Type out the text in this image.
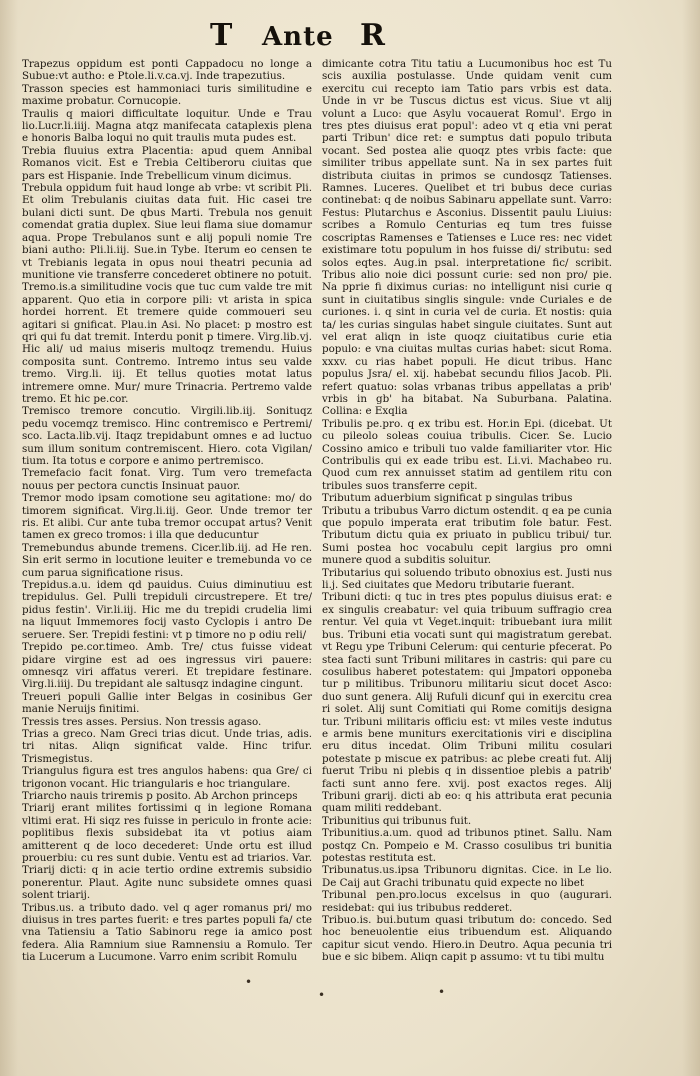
T Ante R

Trapezus oppidum est ponti Cappadocu no longe a Subue:vt autho: e Ptole.li.v.ca.vj. Inde trapezutius.

Trasson species est hammoniaci turis similitudine e maxime probatur. Cornucopie.

Traulis q maiori difficultate loquitur. Unde e Trau lio.Lucr.li.iiij. Magna atqz manifecata cataplexis plena e honoris Balba loqui no quit traulis muta pudes est.

Trebia fluuius extra Placentia: apud quem Annibal Romanos vicit. Est e Trebia Celtiberoru ciuitas que pars est Hispanie. Inde Trebellicum vinum dicimus.

Trebula oppidum fuit haud longe ab vrbe: vt scribit Pli. Et olim Trebulanis ciuitas data fuit. Hic casei tre bulani dicti sunt. De qbus Marti. Trebula nos genuit comendat gratia duplex. Siue leui flama siue domamur aqua. Prope Trebulanos sunt e alij populi nomie Tre biani autho: Pli.li.iij. Sue.in Tybe. Iterum eo censen te vt Trebianis legata in opus noui theatri pecunia ad munitione vie transferre concederet obtinere no potuit.

Tremo.is.a similitudine vocis que tuc cum valde tre mit apparent. Quo etia in corpore pili: vt arista in spica hordei horrent. Et tremere quide commoueri seu agitari si gnificat. Plau.in Asi. No placet: p mostro est qri qui fu dat tremit. Interdu ponit p timere. Virg.lib.vj. Hic ali/ ud maius miseris multoqz tremendu. Huius composita sunt. Contremo. Intremo intus seu valde tremo. Virg.li. iij. Et tellus quoties motat latus intremere omne. Mur/ mure Trinacria. Pertremo valde tremo. Et hic pe.cor.

Tremisco tremore concutio. Virgili.lib.iij. Sonituqz pedu vocemqz tremisco. Hinc contremisco e Pertremi/ sco. Lacta.lib.vij. Itaqz trepidabunt omnes e ad luctuo sum illum sonitum contremiscent. Hiero. cota Vigilan/ tium. Ita totus e corpore e animo pertremisco.

Tremefacio facit fonat. Virg. Tum vero tremefacta nouus per pectora cunctis Insinuat pauor.

Tremor modo ipsam comotione seu agitatione: mo/ do timorem significat. Virg.li.iij. Geor. Unde tremor ter ris. Et alibi. Cur ante tuba tremor occupat artus? Venit tamen ex greco tromos: i illa que deducuntur

Tremebundus abunde tremens. Cicer.lib.iij. ad He ren. Sin erit sermo in locutione leuiter e tremebunda vo ce cum parua significatione risus.

Trepidus.a.u. idem qd pauidus. Cuius diminutiuu est trepidulus. Gel. Pulli trepiduli circustrepere. Et tre/ pidus festin'. Vir.li.iij. Hic me du trepidi crudelia limi na liquut Immemores focij vasto Cyclopis i antro De seruere. Ser. Trepidi festini: vt p timore no p odiu reli/

Trepido pe.cor.timeo. Amb. Tre/ ctus fuisse videat pidare virgine est ad oes ingressus viri pauere: omnesqz viri affatus vereri. Et trepidare festinare. Virg.li.iiij. Du trepidant ale saltusqz indagine cingunt.

Treueri populi Gallie inter Belgas in cosinibus Ger manie Neruijs finitimi.

Tressis tres asses. Persius. Non tressis agaso.

Trias a greco. Nam Greci trias dicut. Unde trias, adis. tri nitas. Aliqn significat valde. Hinc trifur. Trismegistus.

Triangulus figura est tres angulos habens: qua Gre/ ci trigonon vocant. Hic triangularis e hoc triangulare.

Triarcho nauis triremis p posito. Ab Archon princeps

Triarij erant milites fortissimi q in legione Romana vltimi erat. Hi siqz res fuisse in periculo in fronte acie: poplitibus flexis subsidebat ita vt potius aiam amitterent q de loco decederet: Unde ortu est illud prouerbiu: cu res sunt dubie. Ventu est ad triarios. Var. Triarij dicti: q in acie tertio ordine extremis subsidio ponerentur. Plaut. Agite nunc subsidete omnes quasi solent triarij.

Tribus.us. a tributo dado. vel q ager romanus pri/ mo diuisus in tres partes fuerit: e tres partes populi fa/ cte vna Tatiensiu a Tatio Sabinoru rege ia amico post federa. Alia Ramnium siue Ramnensiu a Romulo. Ter tia Lucerum a Lucumone. Varro enim scribit Romulu

dimicante cotra Titu tatiu a Lucumonibus hoc est Tu scis auxilia postulasse. Unde quidam venit cum exercitu cui recepto iam Tatio pars vrbis est data. Unde in vr be Tuscus dictus est vicus. Siue vt alij volunt a Luco: que Asylu vocauerat Romul'. Ergo in tres ptes diuisus erat popul': adeo vt q etia vni perat parti Tribun' dice ret: e sumptus dati populo tributa vocant. Sed postea alie quoqz ptes vrbis facte: que similiter tribus appellate sunt. Na in sex partes fuit distributa ciuitas in primos se cundosqz Tatienses. Ramnes. Luceres. Quelibet et tri bubus dece curias continebat: q de noibus Sabinaru appellate sunt. Varro: Festus: Plutarchus e Asconius. Dissentit paulu Liuius: scribes a Romulo Centurias eq tum tres fuisse coscriptas Ramenses e Tatienses e Luce res: nec videt existimare totu populum in hos fuisse di/ stributu: sed solos eqtes. Aug.in psal. interpretatione fic/ scribit. Tribus alio noie dici possunt curie: sed non pro/ pie. Na pprie fi diximus curias: no intelligunt nisi curie q sunt in ciuitatibus singlis singule: vnde Curiales e de curiones. i. q sint in curia vel de curia. Et nostis: quia ta/ les curias singulas habet singule ciuitates. Sunt aut vel erat aliqn in iste quoqz ciuitatibus curie etia populo: e vna ciuitas multas curias habet: sicut Roma. xxxv. cu rias habet populi. He dicut tribus. Hanc populus Jsra/ el. xij. habebat secundu filios Jacob. Pli. refert quatuo: solas vrbanas tribus appellatas a prib' vrbis in gb' ha bitabat. Na Suburbana. Palatina. Collina: e Exqlia

Tribulis pe.pro. q ex tribu est. Hor.in Epi. (dicebat. Ut cu pileolo soleas couiua tribulis. Cicer. Se. Lucio Cossino amico e tribuli tuo valde familiariter vtor. Hic Contribulis qui ex eade tribu est. Li.vi. Machabeo ru. Quod cum rex annuisset statim ad gentilem ritu con tribules suos transferre cepit.

Tributum aduerbium significat p singulas tribus

Tributu a tribubus Varro dictum ostendit. q ea pe cunia que populo imperata erat tributim fole batur. Fest. Tributum dictu quia ex priuato in publicu tribui/ tur. Sumi postea hoc vocabulu cepit largius pro omni munere quod a subditis soluitur.

Tributarius qui soluendo tributo obnoxius est. Justi nus li.j. Sed ciuitates que Medoru tributarie fuerant.

Tribuni dicti: q tuc in tres ptes populus diuisus erat: e ex singulis creabatur: vel quia tribuum suffragio crea rentur. Vel quia vt Veget.inquit: tribuebant iura milit bus. Tribuni etia vocati sunt qui magistratum gerebat. vt Regu ype Tribuni Celerum: qui centurie pfecerat. Po stea facti sunt Tribuni militares in castris: qui pare cu cosulibus haberet potestatem: qui Jmpatori opponeba tur p militibus. Tribunoru militariu sicut docet Asco: duo sunt genera. Alij Rufuli dicunf qui in exercitu crea ri solet. Alij sunt Comitiati qui Rome comitijs designa tur. Tribuni militaris officiu est: vt miles veste indutus e armis bene muniturs exercitationis viri e disciplina eru ditus incedat. Olim Tribuni militu cosulari potestate p miscue ex patribus: ac plebe creati fut. Alij fuerut Tribu ni plebis q in dissentioe plebis a patrib' facti sunt anno fere. xvij. post exactos reges. Alij Tribuni grarij. dicti ab eo: q his attributa erat pecunia quam militi reddebant.

Tribunitius qui tribunus fuit.

Tribunitius.a.um. quod ad tribunos ptinet. Sallu. Nam postqz Cn. Pompeio e M. Crasso cosulibus tri bunitia potestas restituta est.

Tribunatus.us.ipsa Tribunoru dignitas. Cice. in Le lio. De Caij aut Grachi tribunatu quid expecte no libet

Tribunal pen.pro.locus excelsus in quo (augurari. residebat: qui ius tribubus redderet.

Tribuo.is. bui.butum quasi tributum do: concedo. Sed hoc beneuolentie eius tribuendum est. Aliquando capitur sicut vendo. Hiero.in Deutro. Aqua pecunia tri bue e sic bibem. Aliqn capit p assumo: vt tu tibi multu

•
•	•
